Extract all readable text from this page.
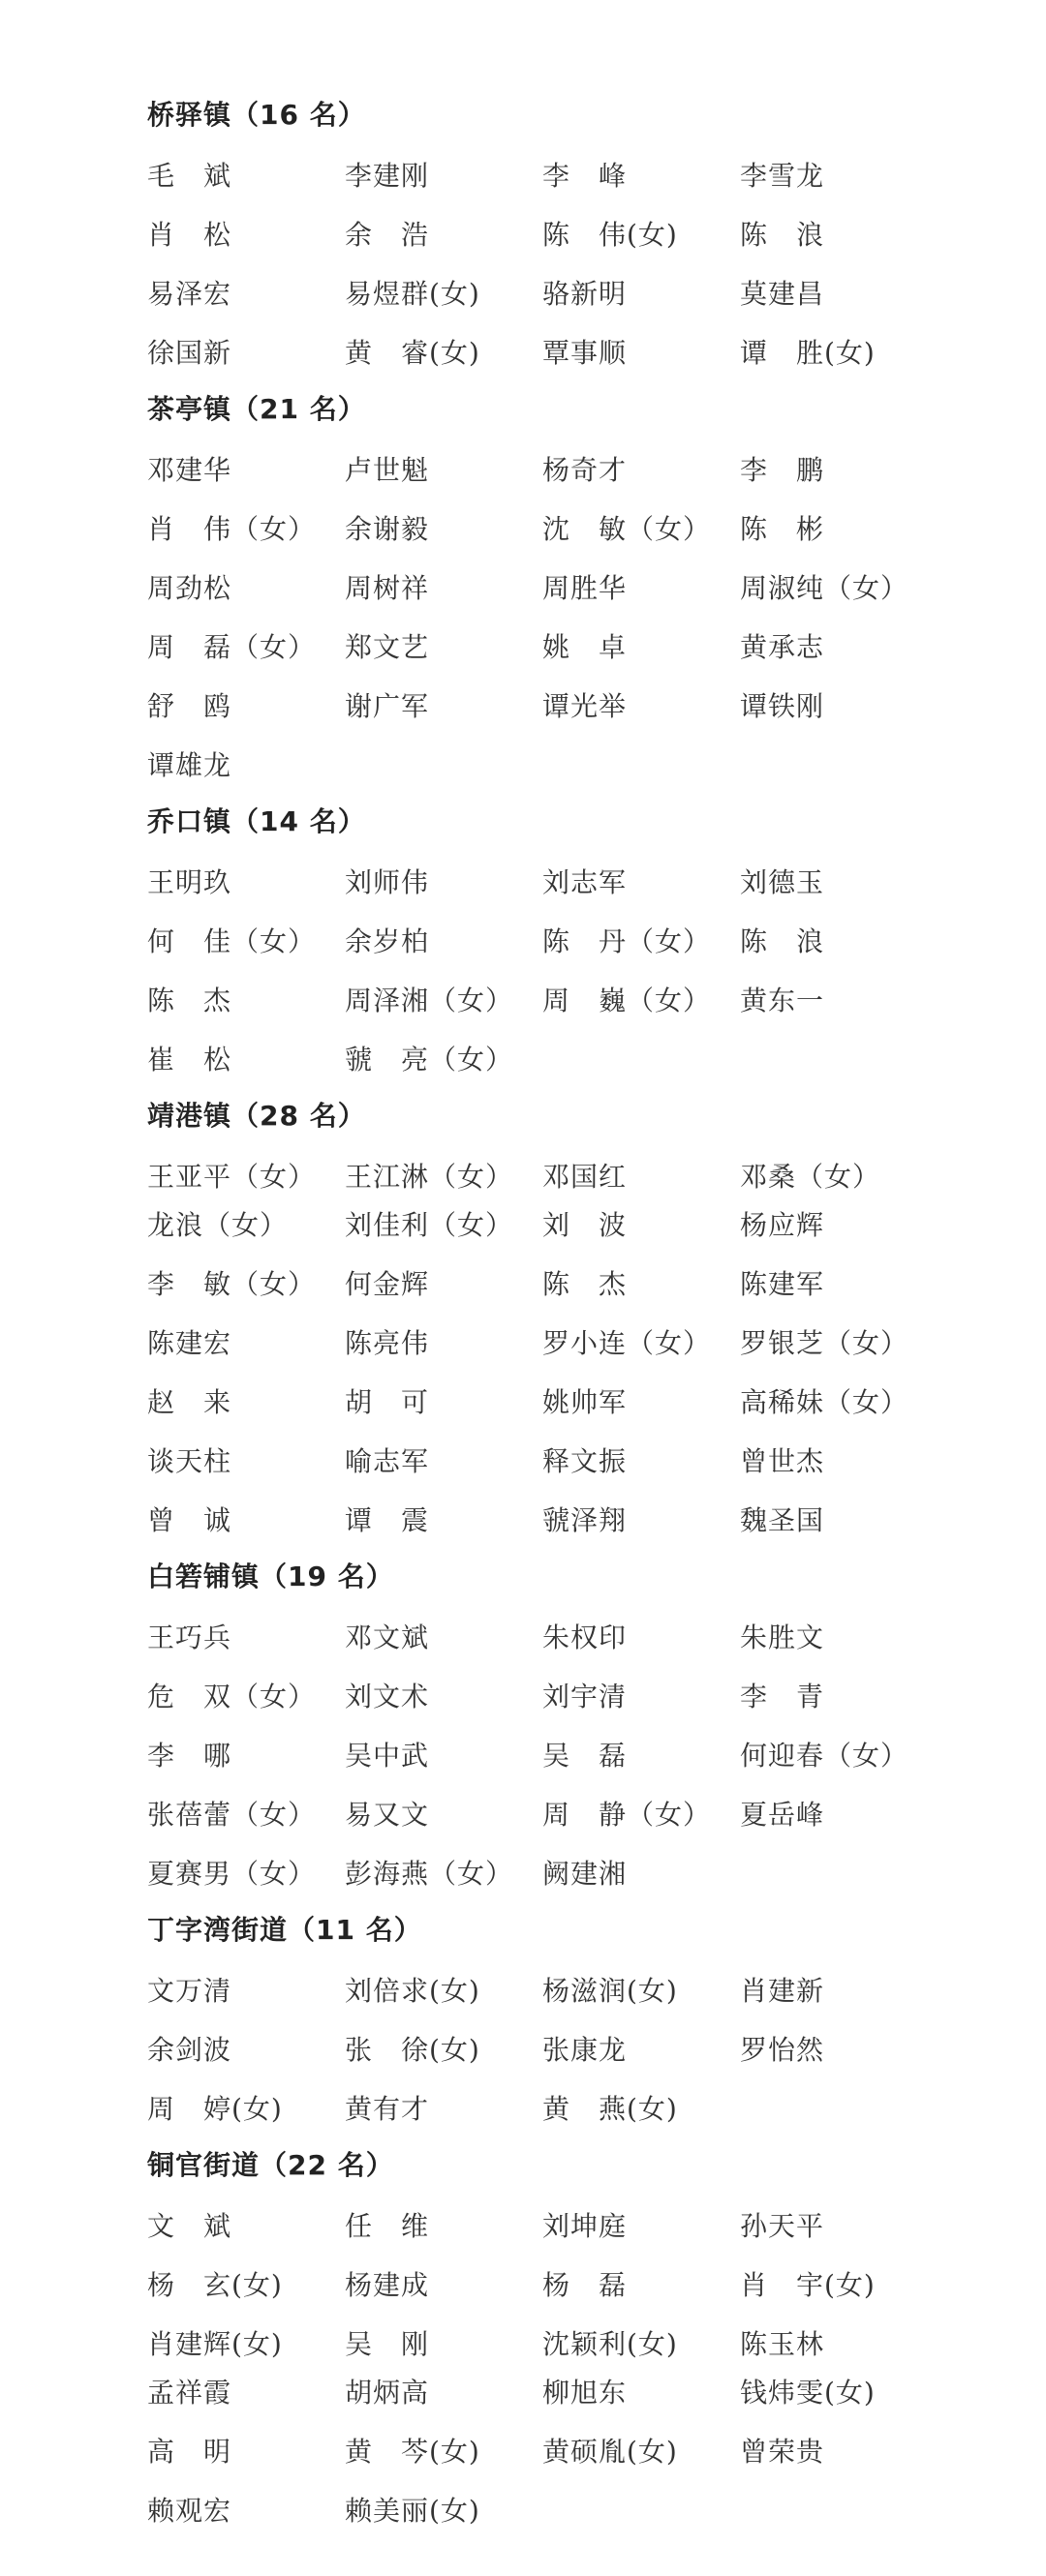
桥驿镇（16 名）
毛　斌	李建刚	李　峰	李雪龙
肖　松	余　浩	陈　伟(女)	陈　浪
易泽宏	易煜群(女)	骆新明	莫建昌
徐国新	黄　睿(女)	覃事顺	谭　胜(女)
茶亭镇（21 名）
邓建华	卢世魁	杨奇才	李　鹏
肖　伟（女）	余谢毅	沈　敏（女）	陈　彬
周劲松	周树祥	周胜华	周淑纯（女）
周　磊（女）	郑文艺	姚　卓	黄承志
舒　鸥	谢广军	谭光举	谭铁刚
谭雄龙
乔口镇（14 名）
王明玖	刘师伟	刘志军	刘德玉
何　佳（女）	余岁柏	陈　丹（女）	陈　浪
陈　杰	周泽湘（女）	周　巍（女）	黄东一
崔　松	虢　亮（女）
靖港镇（28 名）
王亚平（女）	王江淋（女）	邓国红	邓桑（女）
龙浪（女）	刘佳利（女）	刘　波	杨应辉
李　敏（女）	何金辉	陈　杰	陈建军
陈建宏	陈亮伟	罗小连（女）	罗银芝（女）
赵　来	胡　可	姚帅军	高稀妹（女）
谈天柱	喻志军	释文振	曾世杰
曾　诚	谭　震	虢泽翔	魏圣国
白箬铺镇（19 名）
王巧兵	邓文斌	朱权印	朱胜文
危　双（女）	刘文术	刘宇清	李　青
李　哪	吴中武	吴　磊	何迎春（女）
张蓓蕾（女）	易又文	周　静（女）	夏岳峰
夏赛男（女）	彭海燕（女）	阙建湘
丁字湾街道（11 名）
文万清	刘倍求(女)	杨滋润(女)	肖建新
余剑波	张　徐(女)	张康龙	罗怡然
周　婷(女)	黄有才	黄　燕(女)
铜官街道（22 名）
文　斌	任　维	刘坤庭	孙天平
杨　玄(女)	杨建成	杨　磊	肖　宇(女)
肖建辉(女)	吴　刚	沈颖利(女)	陈玉林
孟祥霞	胡炳高	柳旭东	钱炜雯(女)
高　明	黄　芩(女)	黄硕胤(女)	曾荣贵
赖观宏	赖美丽(女)
